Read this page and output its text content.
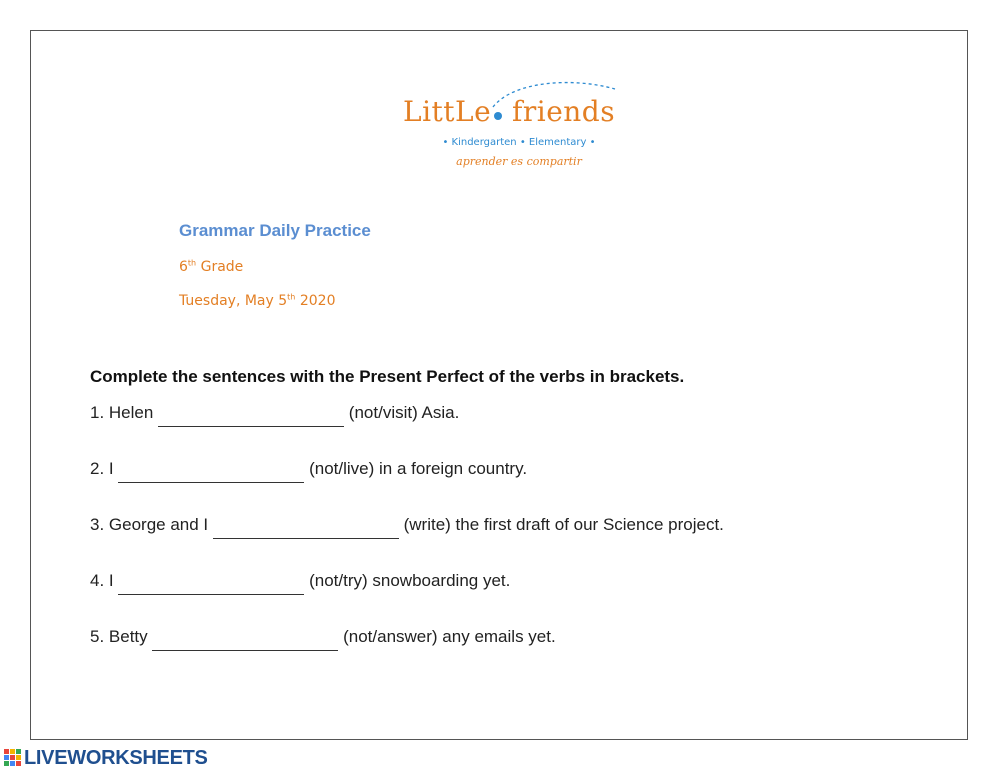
LittLe friends
• Kindergarten • Elementary •
aprender es compartir
Grammar Daily Practice
6th Grade
Tuesday, May 5th 2020
Complete the sentences with the Present Perfect of the verbs in brackets.
1. Helen	(not/visit) Asia.
2. I	(not/live) in a foreign country.
3. George and I	(write) the first draft of our Science project.
4. I	(not/try) snowboarding yet.
5. Betty	(not/answer) any emails yet.
LIVEWORKSHEETS
